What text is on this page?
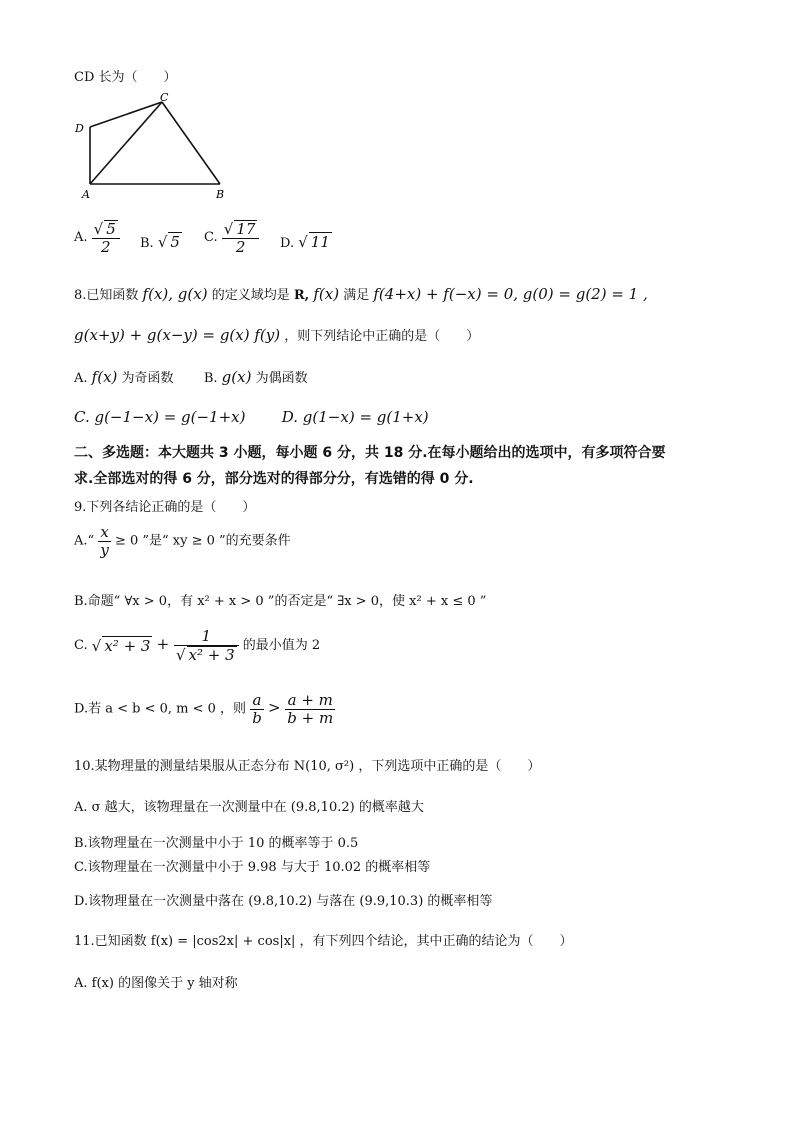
CD 长为（　　）
D
C
A	B
A. $\frac{√ 5}{2} B$. √ 5 C. $\frac{√ 17}{2} D$. √ 11
8.已知函数 f(x), g(x) 的定义域均是 R, f(x) 满足 f(4+x) + f(−x) = 0, g(0) = g(2) = 1 ,
g(x+y) + g(x−y) = g(x) f(y) ，则下列结论中正确的是（　　）
A. f(x) 为奇函数 B. g(x) 为偶函数
C. g(−1−x) = g(−1+x) D. g(1−x) = g(1+x)
二、多选题：本大题共 3 小题，每小题 6 分，共 18 分.在每小题给出的选项中，有多项符合要
求.全部选对的得 6 分，部分选对的得部分分，有选错的得 0 分.
9.下列各结论正确的是（　　）
A.“ $\frac{x}{y} \ge 0$ ”是“ xy ≥ 0 ”的充要条件
B.命题“ ∀x > 0，有 x² + x > 0 ”的否定是“ ∃x > 0，使 x² + x ≤ 0 ”
C. √ $x^2 + 3 + \frac{1}{\text{√ x² + 3}}$ 的最小值为 2
D.若 a < b < 0, m < 0 ，则 $\frac{a}{b} > \frac{a + m}{b + m}$
10.某物理量的测量结果服从正态分布 N(10, σ²) ，下列选项中正确的是（　　）
A. σ 越大，该物理量在一次测量中在 (9.8,10.2) 的概率越大
B.该物理量在一次测量中小于 10 的概率等于 0.5
C.该物理量在一次测量中小于 9.98 与大于 10.02 的概率相等
D.该物理量在一次测量中落在 (9.8,10.2) 与落在 (9.9,10.3) 的概率相等
11.已知函数 f(x) = |cos2x| + cos|x| ，有下列四个结论，其中正确的结论为（　　）
A. f(x) 的图像关于 y 轴对称
